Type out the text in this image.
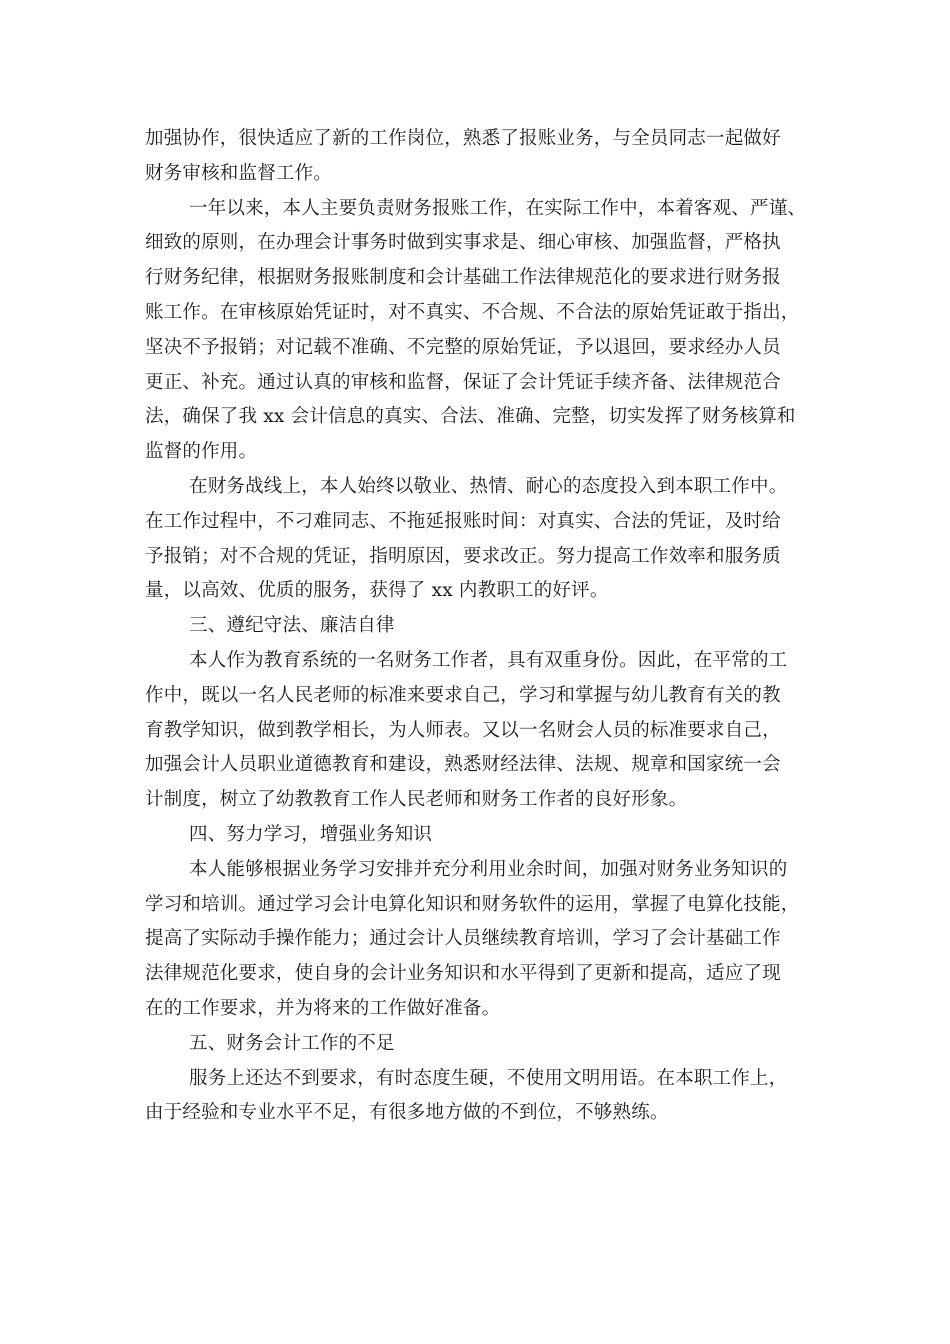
加强协作，很快适应了新的工作岗位，熟悉了报账业务，与全员同志一起做好
财务审核和监督工作。
一年以来，本人主要负责财务报账工作，在实际工作中，本着客观、严谨、
细致的原则，在办理会计事务时做到实事求是、细心审核、加强监督，严格执
行财务纪律，根据财务报账制度和会计基础工作法律规范化的要求进行财务报
账工作。在审核原始凭证时，对不真实、不合规、不合法的原始凭证敢于指出，
坚决不予报销；对记载不准确、不完整的原始凭证，予以退回，要求经办人员
更正、补充。通过认真的审核和监督，保证了会计凭证手续齐备、法律规范合
法，确保了我 xx 会计信息的真实、合法、准确、完整，切实发挥了财务核算和
监督的作用。
在财务战线上，本人始终以敬业、热情、耐心的态度投入到本职工作中。
在工作过程中，不刁难同志、不拖延报账时间：对真实、合法的凭证，及时给
予报销；对不合规的凭证，指明原因，要求改正。努力提高工作效率和服务质
量，以高效、优质的服务，获得了 xx 内教职工的好评。
三、遵纪守法、廉洁自律
本人作为教育系统的一名财务工作者，具有双重身份。因此，在平常的工
作中，既以一名人民老师的标准来要求自己，学习和掌握与幼儿教育有关的教
育教学知识，做到教学相长，为人师表。又以一名财会人员的标准要求自己，
加强会计人员职业道德教育和建设，熟悉财经法律、法规、规章和国家统一会
计制度，树立了幼教教育工作人民老师和财务工作者的良好形象。
四、努力学习，增强业务知识
本人能够根据业务学习安排并充分利用业余时间，加强对财务业务知识的
学习和培训。通过学习会计电算化知识和财务软件的运用，掌握了电算化技能，
提高了实际动手操作能力；通过会计人员继续教育培训，学习了会计基础工作
法律规范化要求，使自身的会计业务知识和水平得到了更新和提高，适应了现
在的工作要求，并为将来的工作做好准备。
五、财务会计工作的不足
服务上还达不到要求，有时态度生硬，不使用文明用语。在本职工作上，
由于经验和专业水平不足，有很多地方做的不到位，不够熟练。
